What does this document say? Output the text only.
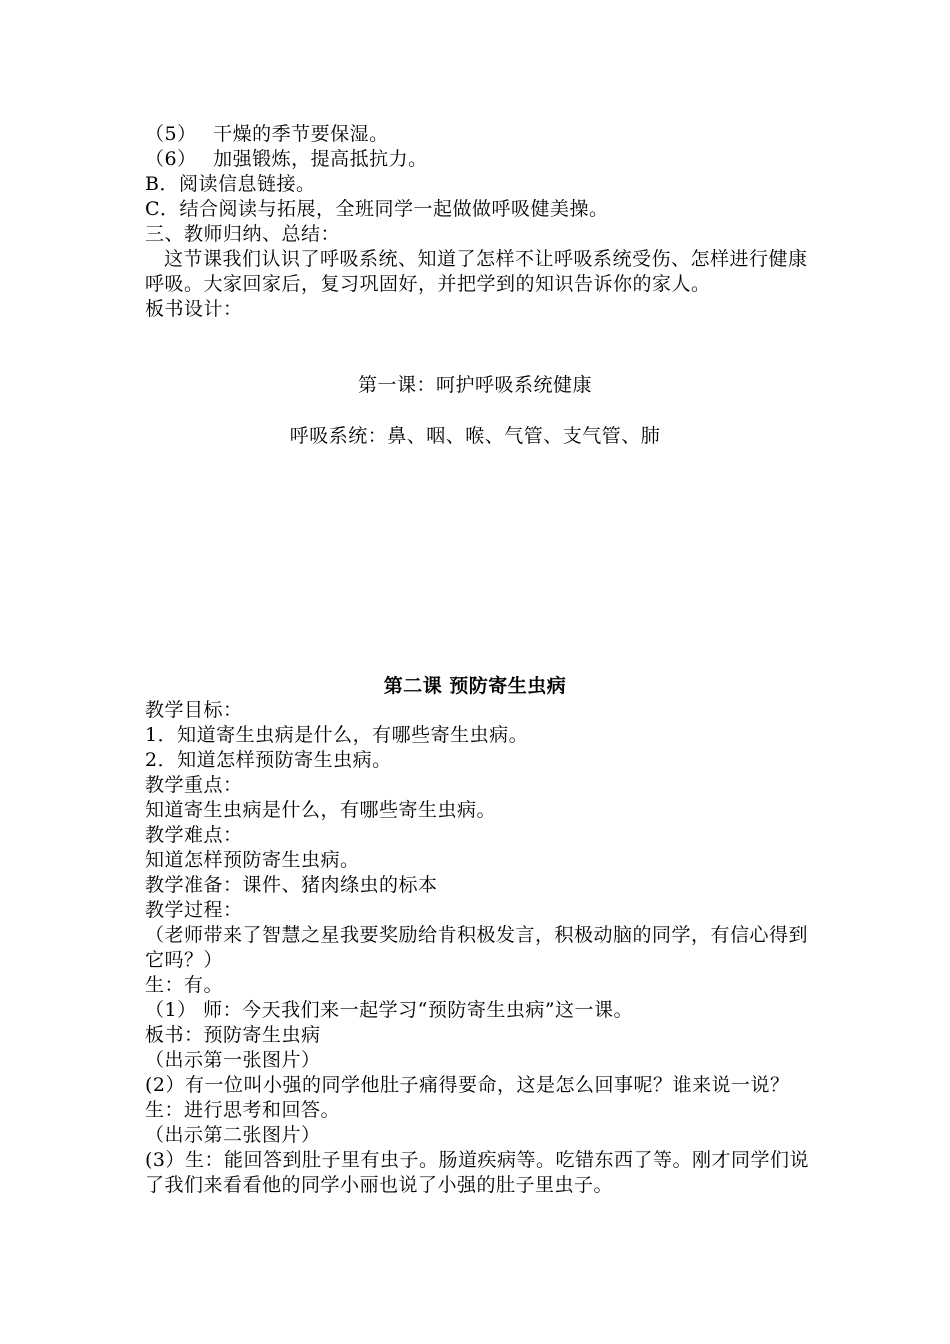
（5）　 干燥的季节要保湿。

（6）　 加强锻炼，提高抵抗力。

B．阅读信息链接。

C．结合阅读与拓展，全班同学一起做做呼吸健美操。

三、教师归纳、总结：

这节课我们认识了呼吸系统、知道了怎样不让呼吸系统受伤、怎样进行健康呼吸。大家回家后，复习巩固好，并把学到的知识告诉你的家人。

板书设计：

第一课：呵护呼吸系统健康
呼吸系统：鼻、咽、喉、气管、支气管、肺
第二课 预防寄生虫病

教学目标：

1．知道寄生虫病是什么，有哪些寄生虫病。

2．知道怎样预防寄生虫病。

教学重点：

知道寄生虫病是什么，有哪些寄生虫病。

教学难点：

知道怎样预防寄生虫病。

教学准备：课件、猪肉绦虫的标本

教学过程：

（老师带来了智慧之星我要奖励给肯积极发言，积极动脑的同学，有信心得到它吗？）

生：有。

（1） 师：今天我们来一起学习“预防寄生虫病”这一课。

板书：预防寄生虫病

（出示第一张图片）

(2）有一位叫小强的同学他肚子痛得要命，这是怎么回事呢？谁来说一说？

生：进行思考和回答。

（出示第二张图片）

(3）生：能回答到肚子里有虫子。肠道疾病等。吃错东西了等。刚才同学们说了我们来看看他的同学小丽也说了小强的肚子里虫子。
